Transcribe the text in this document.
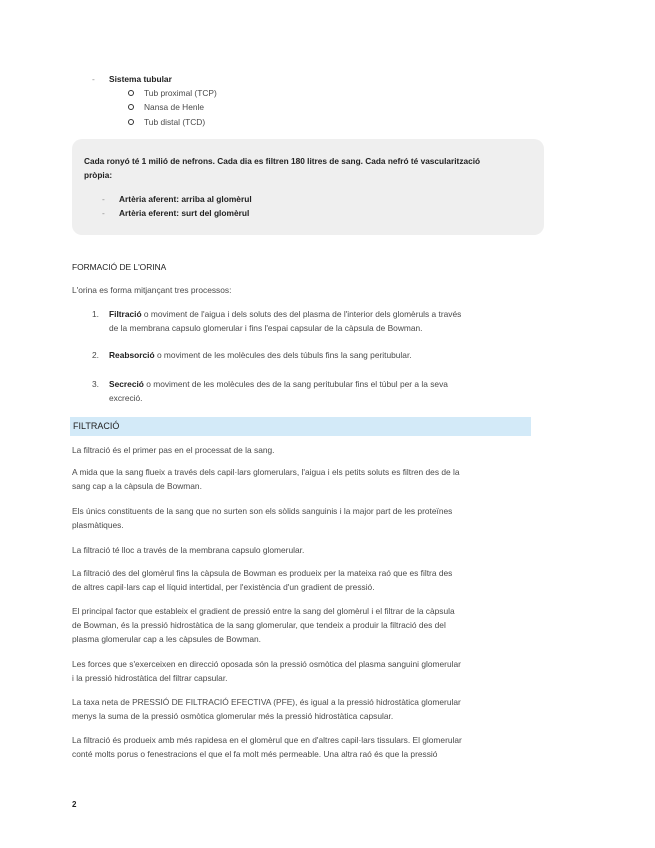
- Sistema tubular
Tub proximal (TCP)
Nansa de Henle
Tub distal (TCD)
Cada ronyó té 1 milió de nefrons. Cada dia es filtren 180 litres de sang. Cada nefró té vascularització
pròpia:
- Artèria aferent: arriba al glomèrul
- Artèria eferent: surt del glomèrul
FORMACIÓ DE L'ORINA
L'orina es forma mitjançant tres processos:
1. Filtració o moviment de l'aigua i dels soluts des del plasma de l'interior dels glomèruls a través
de la membrana capsulo glomerular i fins l'espai capsular de la càpsula de Bowman.
2. Reabsorció o moviment de les molècules des dels túbuls fins la sang peritubular.
3. Secreció o moviment de les molècules des de la sang peritubular fins el túbul per a la seva
excreció.
FILTRACIÓ
La filtració és el primer pas en el processat de la sang.
A mida que la sang flueix a través dels capil·lars glomerulars, l'aigua i els petits soluts es filtren des de la
sang cap a la càpsula de Bowman.
Els únics constituents de la sang que no surten son els sòlids sanguinis i la major part de les proteïnes
plasmàtiques.
La filtració té lloc a través de la membrana capsulo glomerular.
La filtració des del glomèrul fins la càpsula de Bowman es produeix per la mateixa raó que es filtra des
de altres capil·lars cap el líquid intertidal, per l'existència d'un gradient de pressió.
El principal factor que estableix el gradient de pressió entre la sang del glomèrul i el filtrar de la càpsula
de Bowman, és la pressió hidrostàtica de la sang glomerular, que tendeix a produir la filtració des del
plasma glomerular cap a les càpsules de Bowman.
Les forces que s'exerceixen en direcció oposada són la pressió osmòtica del plasma sanguini glomerular
i la pressió hidrostàtica del filtrar capsular.
La taxa neta de PRESSIÓ DE FILTRACIÓ EFECTIVA (PFE), és igual a la pressió hidrostàtica glomerular
menys la suma de la pressió osmòtica glomerular més la pressió hidrostàtica capsular.
La filtració és produeix amb més rapidesa en el glomèrul que en d'altres capil·lars tissulars. El glomerular
conté molts porus o fenestracions el que el fa molt més permeable. Una altra raó és que la pressió
2
